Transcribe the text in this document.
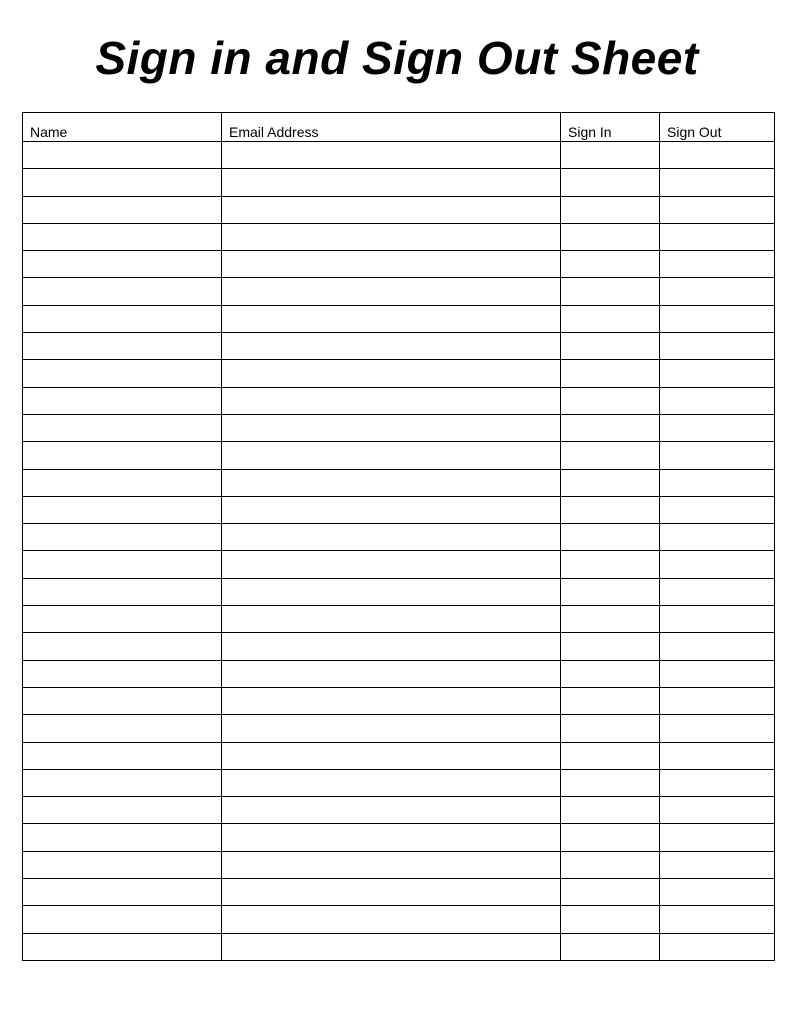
Sign in and Sign Out Sheet
Name	Email Address	Sign In	Sign Out
